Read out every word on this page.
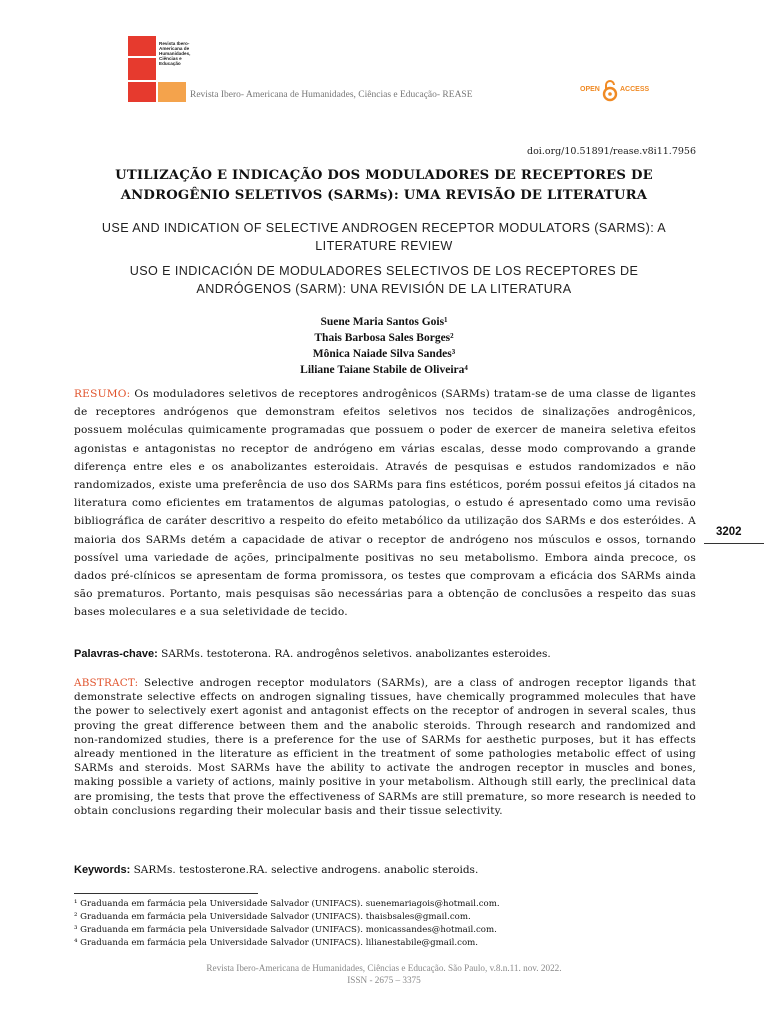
Revista Ibero-
Americana de
Humanidades,
Ciências e
Educação
Revista Ibero- Americana de Humanidades, Ciências e Educação- REASE
OPEN	ACCESS
doi.org/10.51891/rease.v8i11.7956
UTILIZAÇÃO E INDICAÇÃO DOS MODULADORES DE RECEPTORES DE ANDROGÊNIO SELETIVOS (SARMs): UMA REVISÃO DE LITERATURA
USE AND INDICATION OF SELECTIVE ANDROGEN RECEPTOR MODULATORS (SARMS): A LITERATURE REVIEW
USO E INDICACIÓN DE MODULADORES SELECTIVOS DE LOS RECEPTORES DE ANDRÓGENOS (SARM): UNA REVISIÓN DE LA LITERATURA
Suene Maria Santos Gois¹
Thais Barbosa Sales Borges²
Mônica Naiade Silva Sandes³
Liliane Taiane Stabile de Oliveira⁴
3202
RESUMO: Os moduladores seletivos de receptores androgênicos (SARMs) tratam-se de uma classe de ligantes de receptores andrógenos que demonstram efeitos seletivos nos tecidos de sinalizações androgênicos, possuem moléculas quimicamente programadas que possuem o poder de exercer de maneira seletiva efeitos agonistas e antagonistas no receptor de andrógeno em várias escalas, desse modo comprovando a grande diferença entre eles e os anabolizantes esteroidais. Através de pesquisas e estudos randomizados e não randomizados, existe uma preferência de uso dos SARMs para fins estéticos, porém possui efeitos já citados na literatura como eficientes em tratamentos de algumas patologias, o estudo é apresentado como uma revisão bibliográfica de caráter descritivo a respeito do efeito metabólico da utilização dos SARMs e dos esteróides. A maioria dos SARMs detém a capacidade de ativar o receptor de andrógeno nos músculos e ossos, tornando possível uma variedade de ações, principalmente positivas no seu metabolismo. Embora ainda precoce, os dados pré-clínicos se apresentam de forma promissora, os testes que comprovam a eficácia dos SARMs ainda são prematuros. Portanto, mais pesquisas são necessárias para a obtenção de conclusões a respeito das suas bases moleculares e a sua seletividade de tecido.
Palavras-chave: SARMs. testoterona. RA. androgênos seletivos. anabolizantes esteroides.
ABSTRACT: Selective androgen receptor modulators (SARMs), are a class of androgen receptor ligands that demonstrate selective effects on androgen signaling tissues, have chemically programmed molecules that have the power to selectively exert agonist and antagonist effects on the receptor of androgen in several scales, thus proving the great difference between them and the anabolic steroids. Through research and randomized and non-randomized studies, there is a preference for the use of SARMs for aesthetic purposes, but it has effects already mentioned in the literature as efficient in the treatment of some pathologies metabolic effect of using SARMs and steroids. Most SARMs have the ability to activate the androgen receptor in muscles and bones, making possible a variety of actions, mainly positive in your metabolism. Although still early, the preclinical data are promising, the tests that prove the effectiveness of SARMs are still premature, so more research is needed to obtain conclusions regarding their molecular basis and their tissue selectivity.
Keywords: SARMs. testosterone.RA. selective androgens. anabolic steroids.
¹ Graduanda em farmácia pela Universidade Salvador (UNIFACS). suenemariagois@hotmail.com.
² Graduanda em farmácia pela Universidade Salvador (UNIFACS). thaisbsales@gmail.com.
³ Graduanda em farmácia pela Universidade Salvador (UNIFACS). monicassandes@hotmail.com.
⁴ Graduanda em farmácia pela Universidade Salvador (UNIFACS). lilianestabile@gmail.com.
Revista Ibero-Americana de Humanidades, Ciências e Educação. São Paulo, v.8.n.11. nov. 2022.
ISSN - 2675 – 3375
